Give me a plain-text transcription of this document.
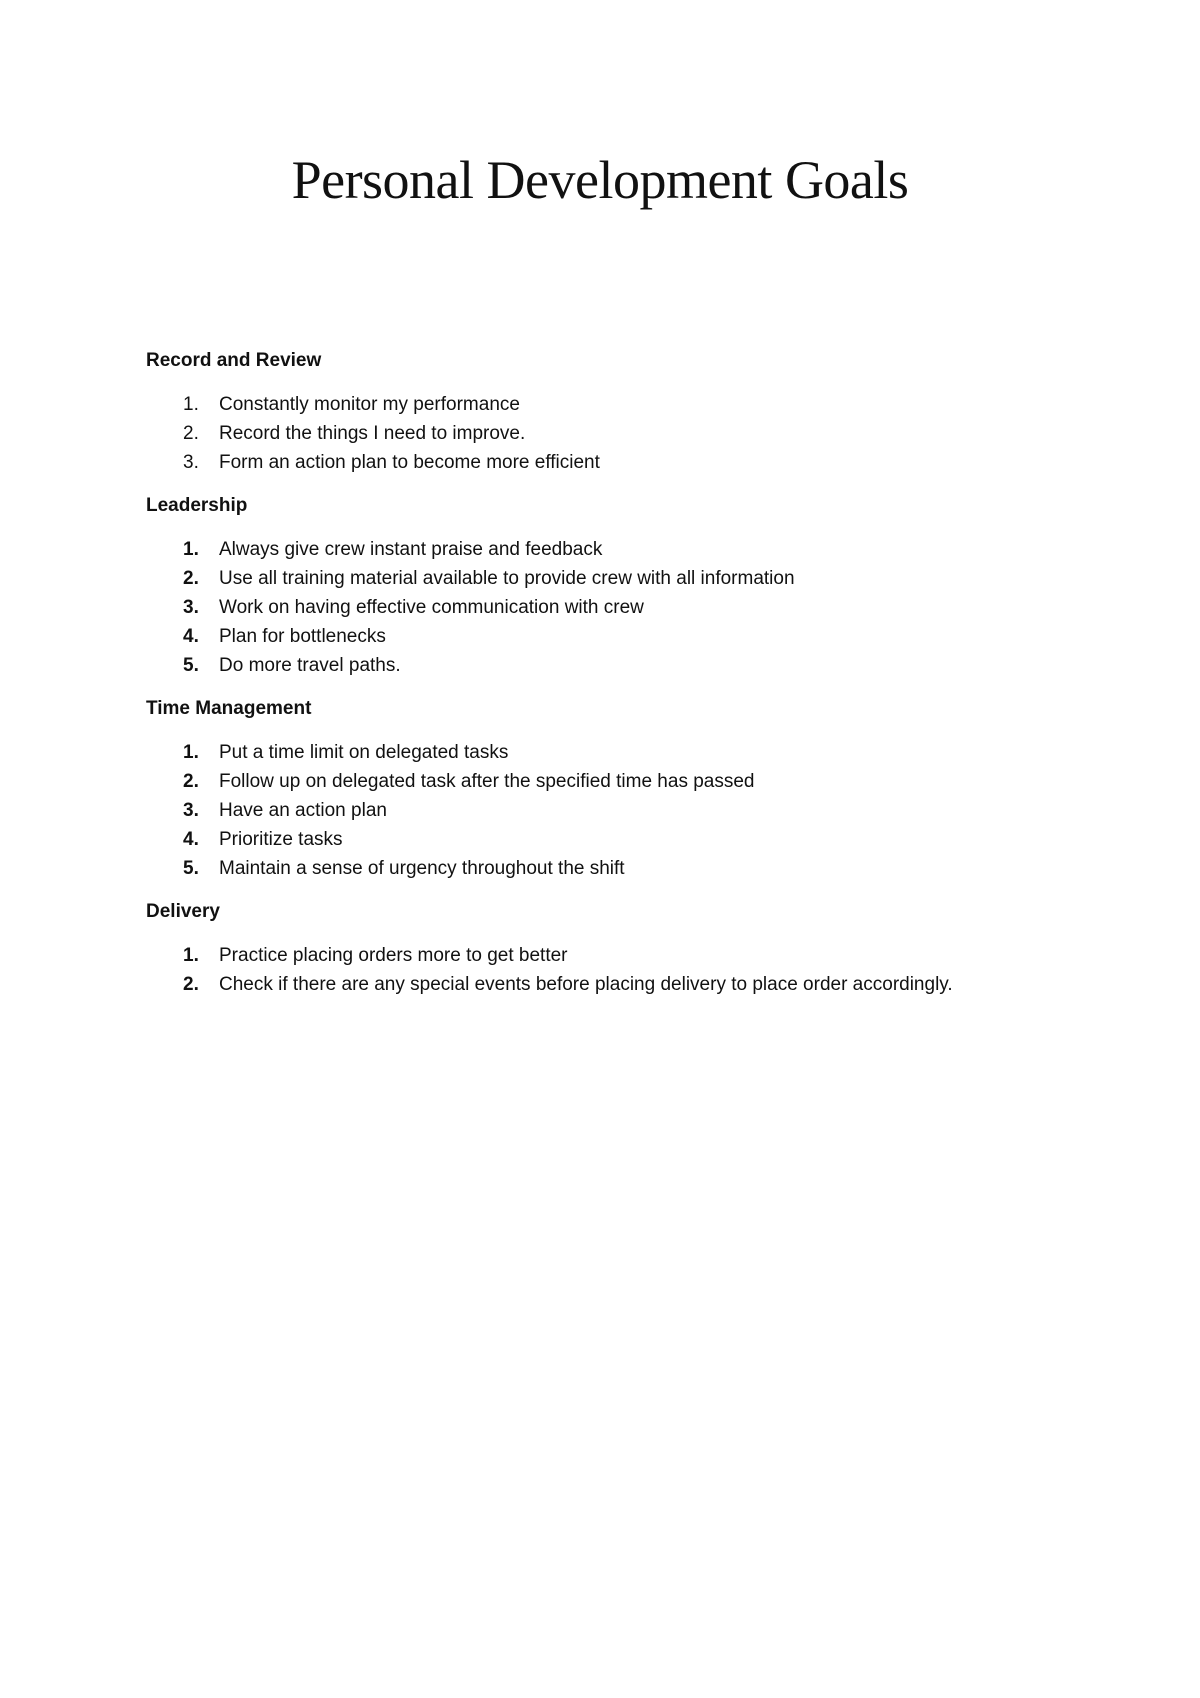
Personal Development Goals
Record and Review
1. Constantly monitor my performance
2. Record the things I need to improve.
3. Form an action plan to become more efficient
Leadership
1. Always give crew instant praise and feedback
2. Use all training material available to provide crew with all information
3. Work on having effective communication with crew
4. Plan for bottlenecks
5. Do more travel paths.
Time Management
1. Put a time limit on delegated tasks
2. Follow up on delegated task after the specified time has passed
3. Have an action plan
4. Prioritize tasks
5. Maintain a sense of urgency throughout the shift
Delivery
1. Practice placing orders more to get better
2. Check if there are any special events before placing delivery to place order accordingly.
